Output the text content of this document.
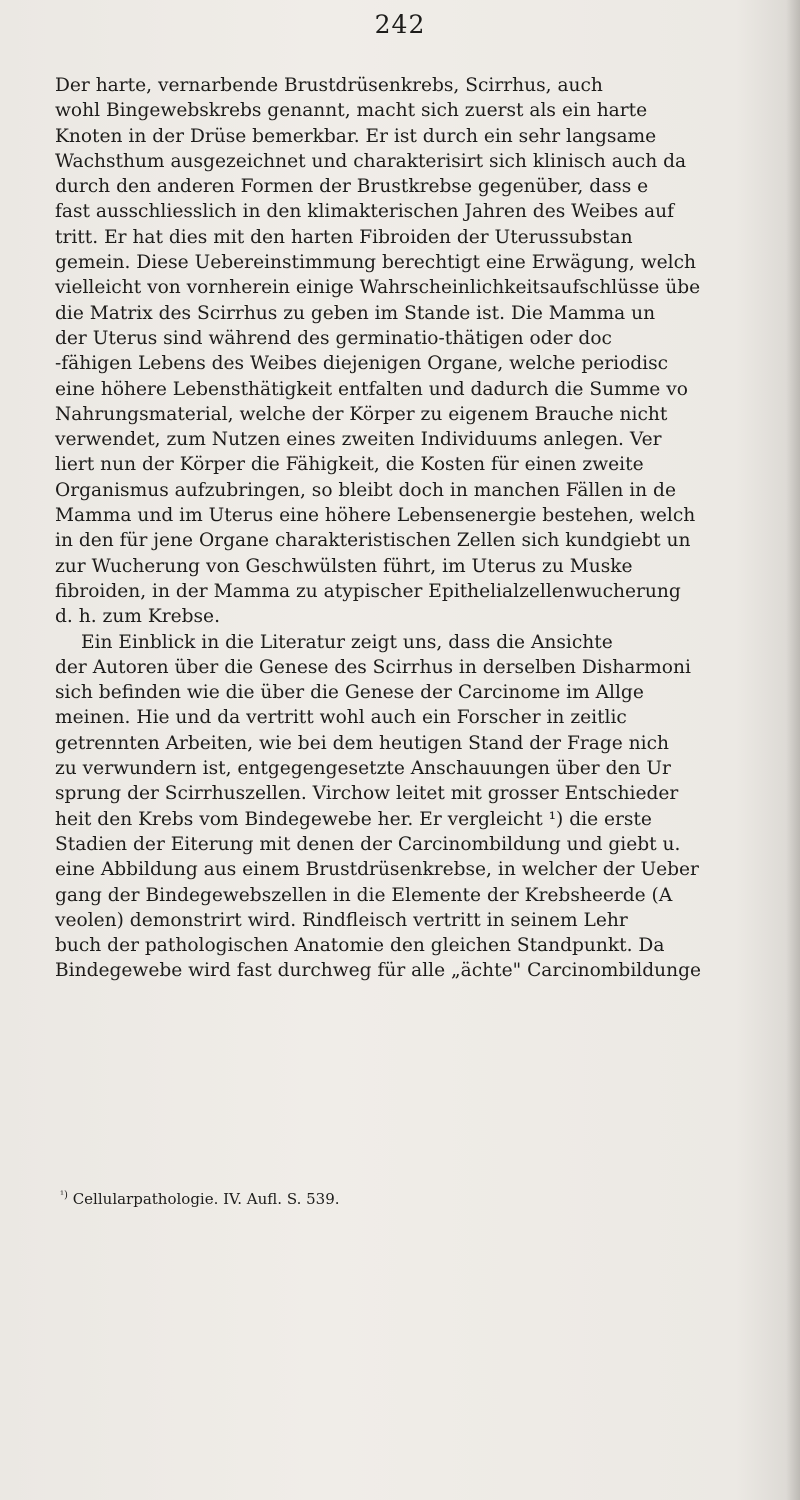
242
Der harte, vernarbende Brustdrüsenkrebs, Scirrhus, auch
wohl Bingewebskrebs genannt, macht sich zuerst als ein harte
Knoten in der Drüse bemerkbar. Er ist durch ein sehr langsame
Wachsthum ausgezeichnet und charakterisirt sich klinisch auch da
durch den anderen Formen der Brustkrebse gegenüber, dass e
fast ausschliesslich in den klimakterischen Jahren des Weibes auf
tritt. Er hat dies mit den harten Fibroiden der Uterussubstan
gemein. Diese Uebereinstimmung berechtigt eine Erwägung, welch
vielleicht von vornherein einige Wahrscheinlichkeitsaufschlüsse übe
die Matrix des Scirrhus zu geben im Stande ist. Die Mamma un
der Uterus sind während des germinatio-thätigen oder doc
-fähigen Lebens des Weibes diejenigen Organe, welche periodisc
eine höhere Lebensthätigkeit entfalten und dadurch die Summe vo
Nahrungsmaterial, welche der Körper zu eigenem Brauche nicht
verwendet, zum Nutzen eines zweiten Individuums anlegen. Ver
liert nun der Körper die Fähigkeit, die Kosten für einen zweite
Organismus aufzubringen, so bleibt doch in manchen Fällen in de
Mamma und im Uterus eine höhere Lebensenergie bestehen, welch
in den für jene Organe charakteristischen Zellen sich kundgiebt un
zur Wucherung von Geschwülsten führt, im Uterus zu Muske
fibroiden, in der Mamma zu atypischer Epithelialzellenwucherung
d. h. zum Krebse.
Ein Einblick in die Literatur zeigt uns, dass die Ansichte
der Autoren über die Genese des Scirrhus in derselben Disharmoni
sich befinden wie die über die Genese der Carcinome im Allge
meinen. Hie und da vertritt wohl auch ein Forscher in zeitlic
getrennten Arbeiten, wie bei dem heutigen Stand der Frage nich
zu verwundern ist, entgegengesetzte Anschauungen über den Ur
sprung der Scirrhuszellen. Virchow leitet mit grosser Entschieder
heit den Krebs vom Bindegewebe her. Er vergleicht ¹) die erste
Stadien der Eiterung mit denen der Carcinombildung und giebt u.
eine Abbildung aus einem Brustdrüsenkrebse, in welcher der Ueber
gang der Bindegewebszellen in die Elemente der Krebsheerde (A
veolen) demonstrirt wird. Rindfleisch vertritt in seinem Lehr
buch der pathologischen Anatomie den gleichen Standpunkt. Da
Bindegewebe wird fast durchweg für alle „ächte" Carcinombildunge
$^{^1)}$ Cellularpathologie. IV. Aufl. S. 539.
